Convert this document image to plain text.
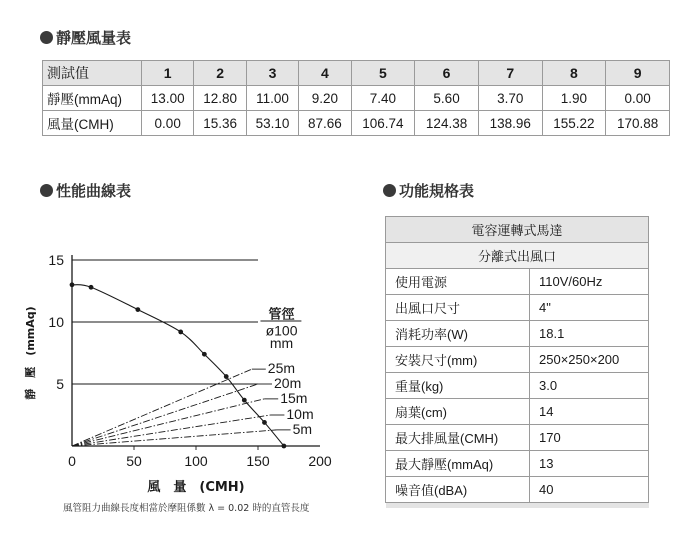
靜壓風量表
測試值	1	2	3	4	5	6	7	8	9
靜壓(mmAq)	13.00	12.80	11.00	9.20	7.40	5.60	3.70	1.90	0.00
風量(CMH)	0.00	15.36	53.10	87.66	106.74	124.38	138.96	155.22	170.88
性能曲線表	功能規格表
0	50	100	150	200
5
10
15
風　量　(CMH)
靜　壓　(mmAq)	25m
20m
15m
10m
5m
管徑
ø100
mm
風管阻力曲線長度相當於摩阻係數 λ = 0.02 時的直管長度
電容運轉式馬達	
分離式出風口	
使用電源	110V/60Hz
出風口尺寸	4"
消耗功率(W)	18.1
安裝尺寸(mm)	250×250×200
重量(kg)	3.0
扇葉(cm)	14
最大排風量(CMH)	170
最大靜壓(mmAq)	13
噪音值(dBA)	40
